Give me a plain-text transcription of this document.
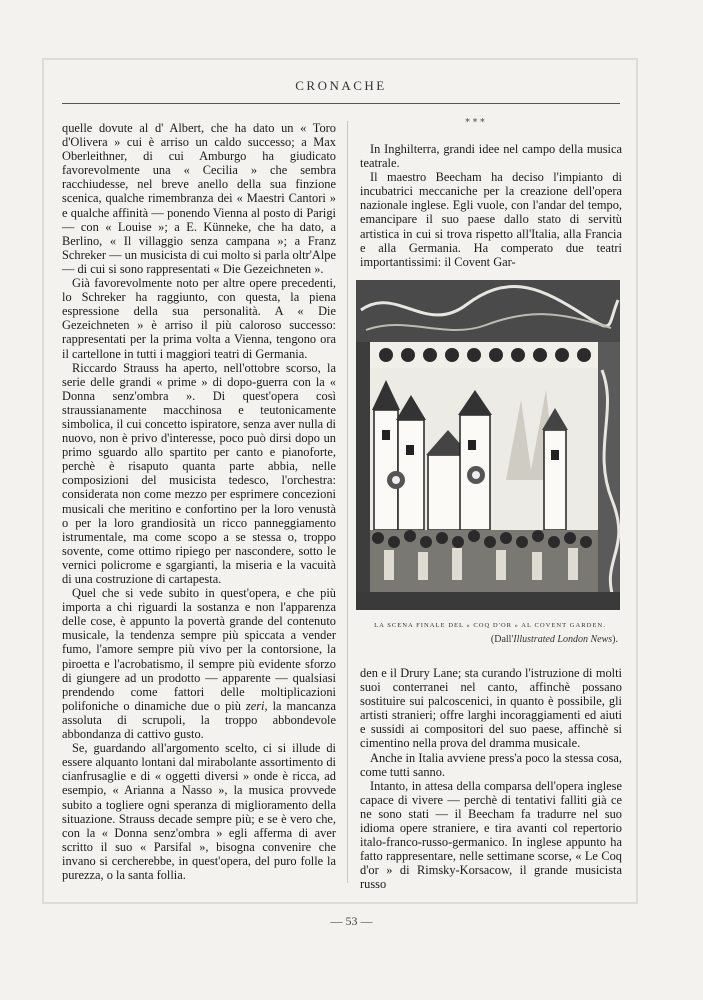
CRONACHE

quelle dovute al d' Albert, che ha dato un « Toro d'Olivera » cui è arriso un caldo successo; a Max Oberleithner, di cui Amburgo ha giudicato favorevolmente una « Cecilia » che sembra racchiudesse, nel breve anello della sua finzione scenica, qualche rimembranza dei « Maestri Cantori » e qualche affinità — ponendo Vienna al posto di Parigi — con « Louise »; a E. Künneke, che ha dato, a Berlino, « Il villaggio senza campana »; a Franz Schreker — un musicista di cui molto si parla oltr'Alpe — di cui si sono rappresentati « Die Gezeichneten ».

Già favorevolmente noto per altre opere precedenti, lo Schreker ha raggiunto, con questa, la piena espressione della sua personalità. A « Die Gezeichneten » è arriso il più caloroso successo: rappresentati per la prima volta a Vienna, tengono ora il cartellone in tutti i maggiori teatri di Germania.

Riccardo Strauss ha aperto, nell'ottobre scorso, la serie delle grandi « prime » di dopo-guerra con la « Donna senz'ombra ». Di quest'opera così straussianamente macchinosa e teutonicamente simbolica, il cui concetto ispiratore, senza aver nulla di nuovo, non è privo d'interesse, poco può dirsi dopo un primo sguardo allo spartito per canto e pianoforte, perchè è risaputo quanta parte abbia, nelle composizioni del musicista tedesco, l'orchestra: considerata non come mezzo per esprimere concezioni musicali che meritino e confortino per la loro venustà o per la loro grandiosità un ricco panneggiamento istrumentale, ma come scopo a se stessa o, troppo sovente, come ottimo ripiego per nascondere, sotto le vernici policrome e sgargianti, la miseria e la vacuità di una costruzione di cartapesta.

Quel che si vede subito in quest'opera, e che più importa a chi riguardi la sostanza e non l'apparenza delle cose, è appunto la povertà grande del contenuto musicale, la tendenza sempre più spiccata a vender fumo, l'amore sempre più vivo per la contorsione, la piroetta e l'acrobatismo, il sempre più evidente sforzo di giungere ad un prodotto — apparente — qualsiasi prendendo come fattori delle moltiplicazioni polifoniche o dinamiche due o più zeri, la mancanza assoluta di scrupoli, la troppo abbondevole abbondanza di cattivo gusto.

Se, guardando all'argomento scelto, ci si illude di essere alquanto lontani dal mirabolante assortimento di cianfrusaglie e di « oggetti diversi » onde è ricca, ad esempio, « Arianna a Nasso », la musica provvede subito a togliere ogni speranza di miglioramento della situazione. Strauss decade sempre più; e se è vero che, con la « Donna senz'ombra » egli afferma di aver scritto il suo « Parsifal », bisogna convenire che invano si cercherebbe, in quest'opera, del puro folle la purezza, o la santa follia.

* * *

In Inghilterra, grandi idee nel campo della musica teatrale.

Il maestro Beecham ha deciso l'impianto di incubatrici meccaniche per la creazione dell'opera nazionale inglese. Egli vuole, con l'andar del tempo, emancipare il suo paese dallo stato di servitù artistica in cui si trova rispetto all'Italia, alla Francia e alla Germania. Ha comperato due teatri importantissimi: il Covent Gar-

LA SCENA FINALE DEL « COQ D'OR » AL COVENT GARDEN.
(Dall'Illustrated London News).

den e il Drury Lane; sta curando l'istruzione di molti suoi conterranei nel canto, affinchè possano sostituire sui palcoscenici, in quanto è possibile, gli artisti stranieri; offre larghi incoraggiamenti ed aiuti e sussidi ai compositori del suo paese, affinchè si cimentino nella prova del dramma musicale.

Anche in Italia avviene press'a poco la stessa cosa, come tutti sanno.

Intanto, in attesa della comparsa dell'opera inglese capace di vivere — perchè di tentativi falliti già ce ne sono stati — il Beecham fa tradurre nel suo idioma opere straniere, e tira avanti col repertorio italo-franco-russo-germanico. In inglese appunto ha fatto rappresentare, nelle settimane scorse, « Le Coq d'or » di Rimsky-Korsacow, il grande musicista russo

— 53 —
